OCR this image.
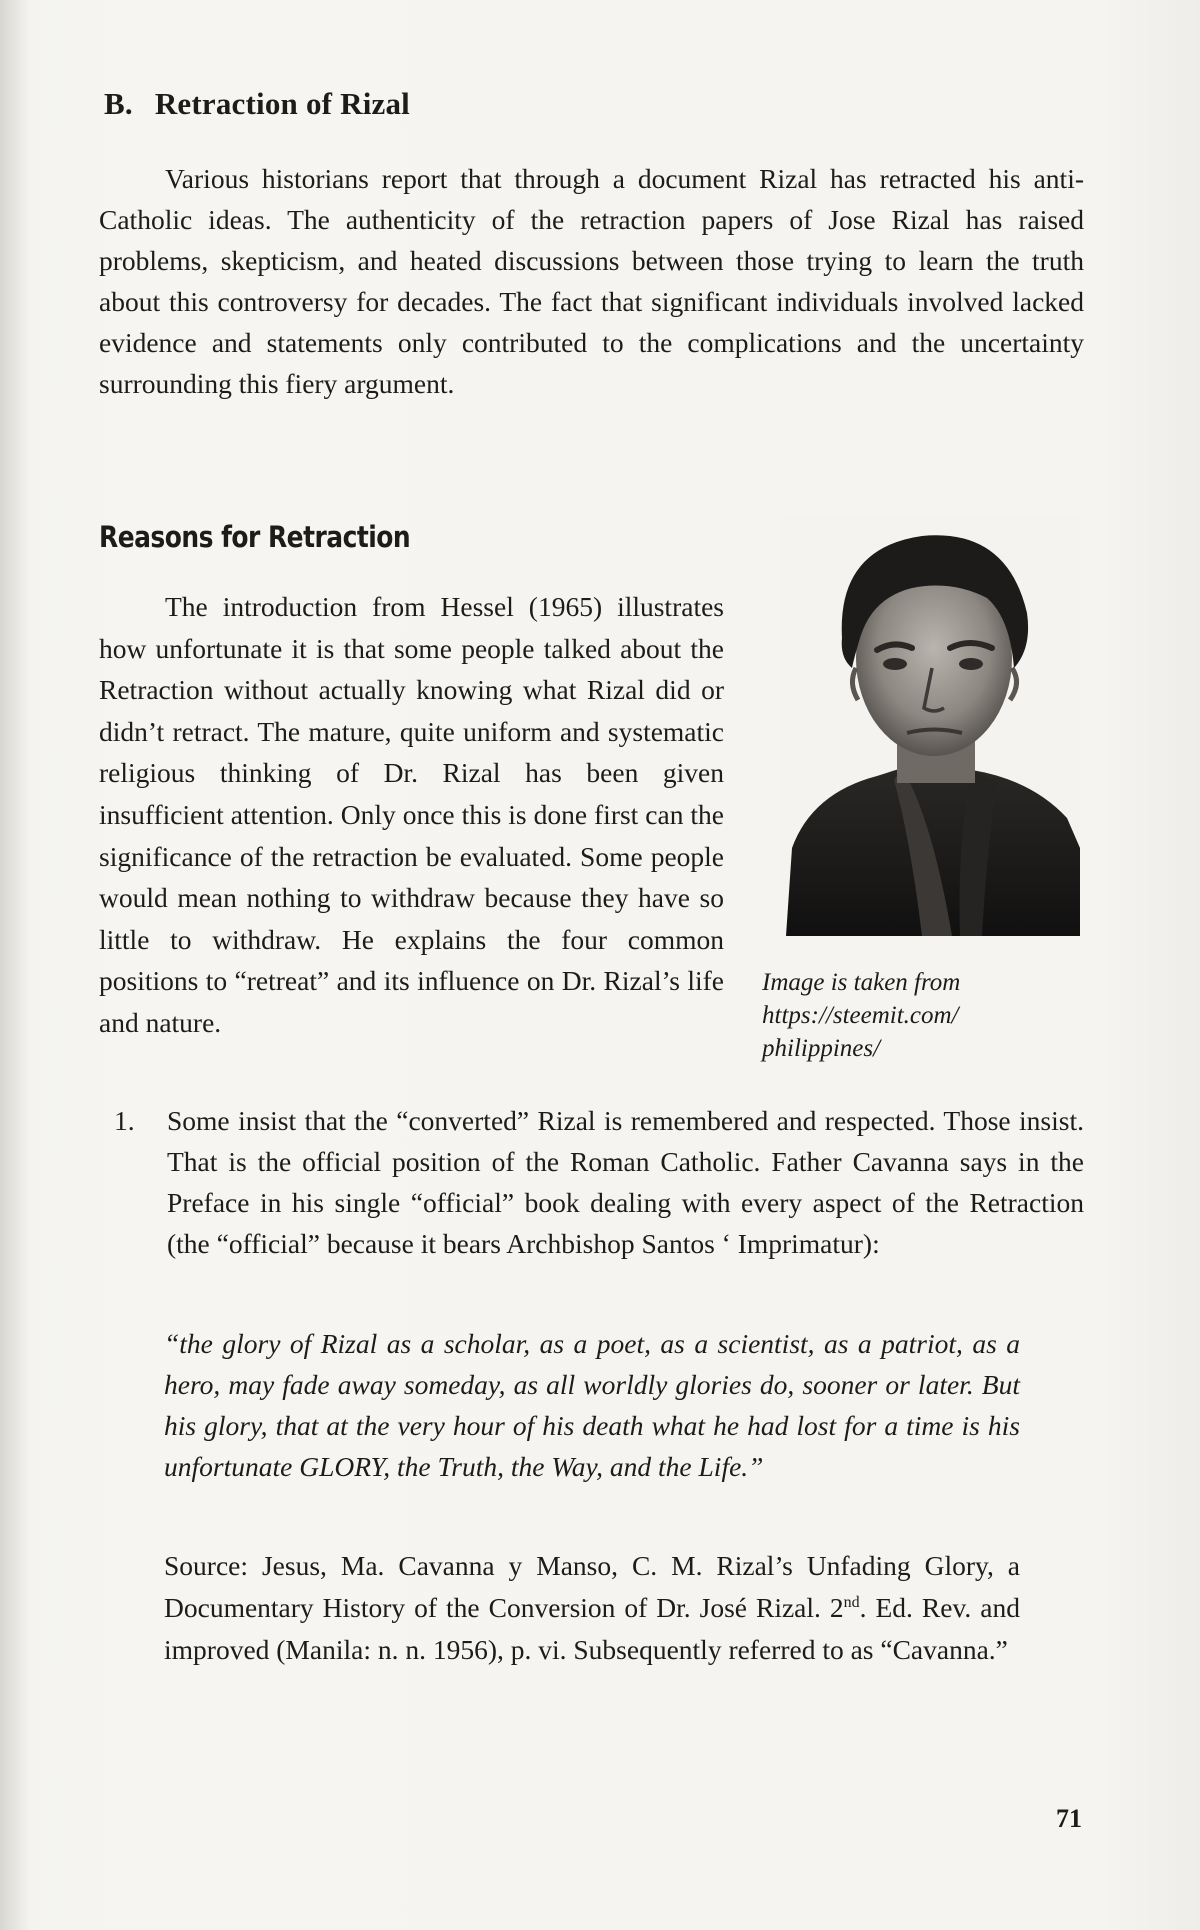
B. Retraction of Rizal

Various historians report that through a document Rizal has retracted his anti-Catholic ideas. The authenticity of the retraction papers of Jose Rizal has raised problems, skepticism, and heated discussions between those trying to learn the truth about this controversy for decades. The fact that significant individuals involved lacked evidence and statements only contributed to the complications and the uncertainty surrounding this fiery argument.

Reasons for Retraction

The introduction from Hessel (1965) illustrates how unfortunate it is that some people talked about the Retraction without actually knowing what Rizal did or didn’t retract. The mature, quite uniform and systematic religious thinking of Dr. Rizal has been given insufficient attention. Only once this is done first can the significance of the retraction be evaluated. Some people would mean nothing to withdraw because they have so little to withdraw. He explains the four common positions to “retreat” and its influence on Dr. Rizal’s life and nature.

Image is taken from
https://steemit.com/
philippines/

1. Some insist that the “converted” Rizal is remembered and respected. Those insist. That is the official position of the Roman Catholic. Father Cavanna says in the Preface in his single “official” book dealing with every aspect of the Retraction (the “official” because it bears Archbishop Santos ‘ Imprimatur):

“the glory of Rizal as a scholar, as a poet, as a scientist, as a patriot, as a hero, may fade away someday, as all worldly glories do, sooner or later. But his glory, that at the very hour of his death what he had lost for a time is his unfortunate GLORY, the Truth, the Way, and the Life.”

Source: Jesus, Ma. Cavanna y Manso, C. M. Rizal’s Unfading Glory, a Documentary History of the Conversion of Dr. José Rizal. 2nd. Ed. Rev. and improved (Manila: n. n. 1956), p. vi. Subsequently referred to as “Cavanna.”

71
